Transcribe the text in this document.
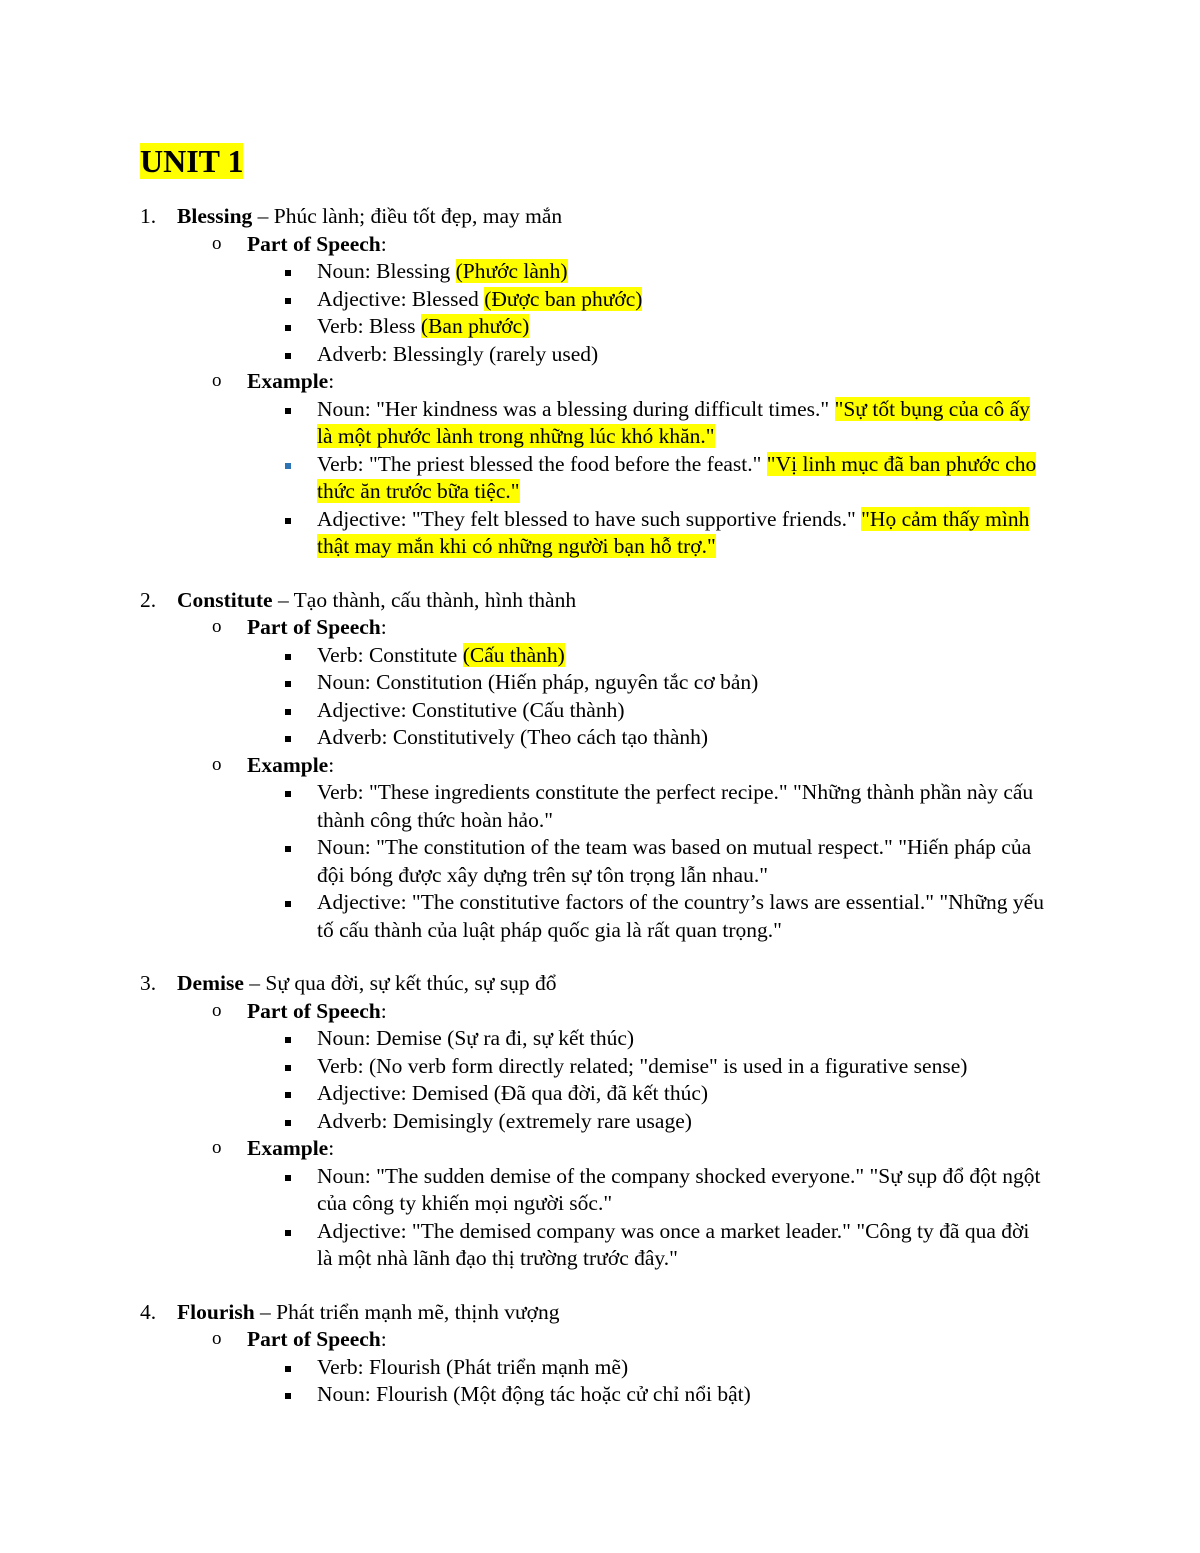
UNIT 1
1. Blessing – Phúc lành; điều tốt đẹp, may mắn
o Part of Speech:
Noun: Blessing (Phước lành)
Adjective: Blessed (Được ban phước)
Verb: Bless (Ban phước)
Adverb: Blessingly (rarely used)
o Example:
Noun: "Her kindness was a blessing during difficult times." "Sự tốt bụng của cô ấy là một phước lành trong những lúc khó khăn."
Verb: "The priest blessed the food before the feast." "Vị linh mục đã ban phước cho thức ăn trước bữa tiệc."
Adjective: "They felt blessed to have such supportive friends." "Họ cảm thấy mình thật may mắn khi có những người bạn hỗ trợ."
2. Constitute – Tạo thành, cấu thành, hình thành
o Part of Speech:
Verb: Constitute (Cấu thành)
Noun: Constitution (Hiến pháp, nguyên tắc cơ bản)
Adjective: Constitutive (Cấu thành)
Adverb: Constitutively (Theo cách tạo thành)
o Example:
Verb: "These ingredients constitute the perfect recipe." "Những thành phần này cấu thành công thức hoàn hảo."
Noun: "The constitution of the team was based on mutual respect." "Hiến pháp của đội bóng được xây dựng trên sự tôn trọng lẫn nhau."
Adjective: "The constitutive factors of the country’s laws are essential." "Những yếu tố cấu thành của luật pháp quốc gia là rất quan trọng."
3. Demise – Sự qua đời, sự kết thúc, sự sụp đổ
o Part of Speech:
Noun: Demise (Sự ra đi, sự kết thúc)
Verb: (No verb form directly related; "demise" is used in a figurative sense)
Adjective: Demised (Đã qua đời, đã kết thúc)
Adverb: Demisingly (extremely rare usage)
o Example:
Noun: "The sudden demise of the company shocked everyone." "Sự sụp đổ đột ngột của công ty khiến mọi người sốc."
Adjective: "The demised company was once a market leader." "Công ty đã qua đời là một nhà lãnh đạo thị trường trước đây."
4. Flourish – Phát triển mạnh mẽ, thịnh vượng
o Part of Speech:
Verb: Flourish (Phát triển mạnh mẽ)
Noun: Flourish (Một động tác hoặc cử chỉ nổi bật)
